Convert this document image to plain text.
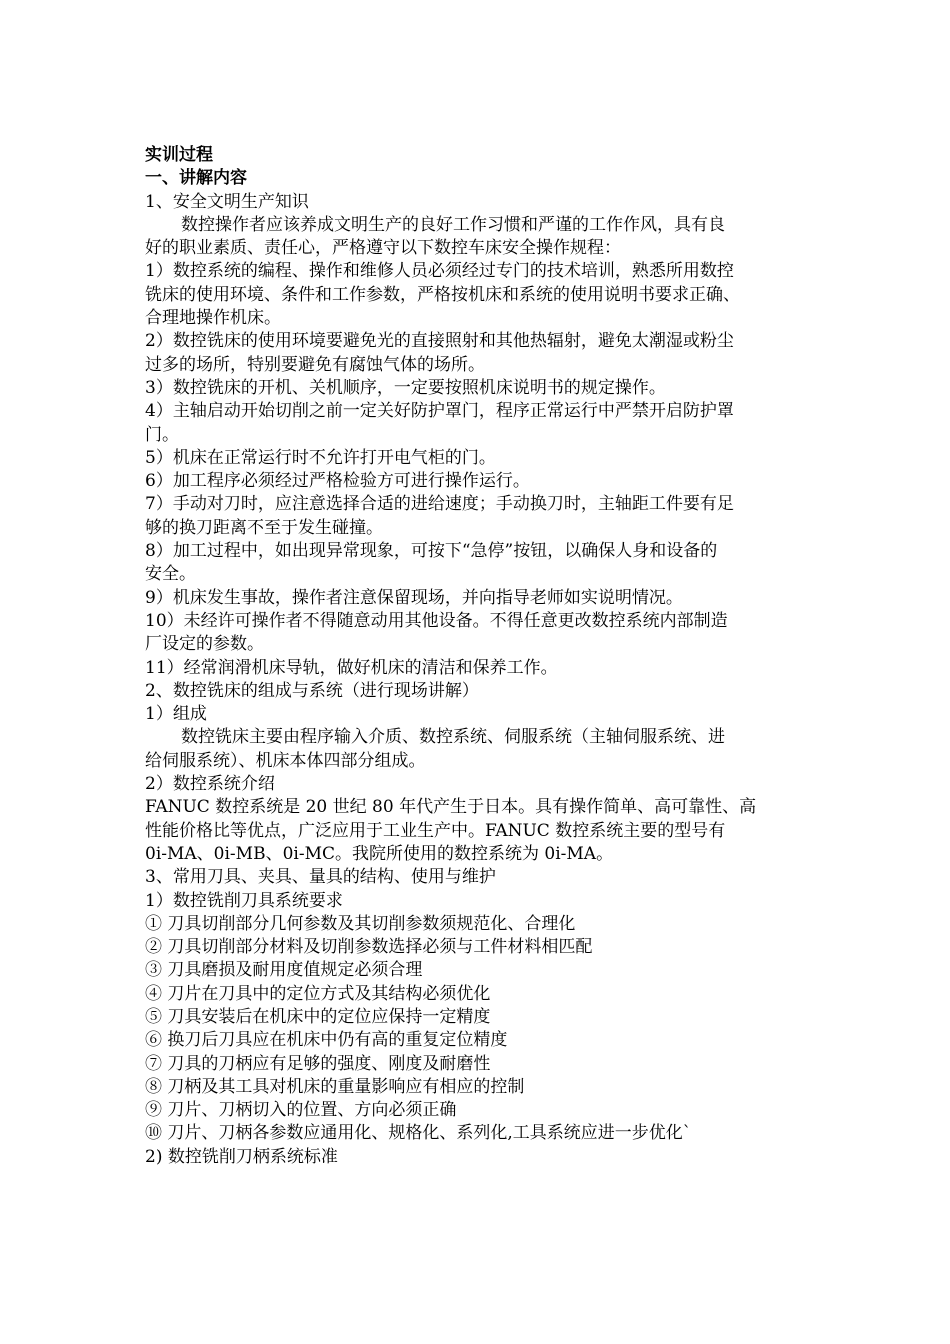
实训过程
一、讲解内容
1、安全文明生产知识
数控操作者应该养成文明生产的良好工作习惯和严谨的工作作风，具有良
好的职业素质、责任心，严格遵守以下数控车床安全操作规程：
1）数控系统的编程、操作和维修人员必须经过专门的技术培训，熟悉所用数控
铣床的使用环境、条件和工作参数，严格按机床和系统的使用说明书要求正确、
合理地操作机床。
2）数控铣床的使用环境要避免光的直接照射和其他热辐射，避免太潮湿或粉尘
过多的场所，特别要避免有腐蚀气体的场所。
3）数控铣床的开机、关机顺序，一定要按照机床说明书的规定操作。
4）主轴启动开始切削之前一定关好防护罩门，程序正常运行中严禁开启防护罩
门。
5）机床在正常运行时不允许打开电气柜的门。
6）加工程序必须经过严格检验方可进行操作运行。
7）手动对刀时，应注意选择合适的进给速度；手动换刀时，主轴距工件要有足
够的换刀距离不至于发生碰撞。
8）加工过程中，如出现异常现象，可按下“急停”按钮，以确保人身和设备的
安全。
9）机床发生事故，操作者注意保留现场，并向指导老师如实说明情况。
10）未经许可操作者不得随意动用其他设备。不得任意更改数控系统内部制造
厂设定的参数。
11）经常润滑机床导轨，做好机床的清洁和保养工作。
2、数控铣床的组成与系统（进行现场讲解）
1）组成
数控铣床主要由程序输入介质、数控系统、伺服系统（主轴伺服系统、进
给伺服系统）、机床本体四部分组成。
2）数控系统介绍
FANUC 数控系统是 20 世纪 80 年代产生于日本。具有操作简单、高可靠性、高
性能价格比等优点，广泛应用于工业生产中。FANUC 数控系统主要的型号有
0i-MA、0i-MB、0i-MC。我院所使用的数控系统为 0i-MA。
3、常用刀具、夹具、量具的结构、使用与维护
1）数控铣削刀具系统要求
① 刀具切削部分几何参数及其切削参数须规范化、合理化
② 刀具切削部分材料及切削参数选择必须与工件材料相匹配
③ 刀具磨损及耐用度值规定必须合理
④ 刀片在刀具中的定位方式及其结构必须优化
⑤ 刀具安装后在机床中的定位应保持一定精度
⑥ 换刀后刀具应在机床中仍有高的重复定位精度
⑦ 刀具的刀柄应有足够的强度、刚度及耐磨性
⑧ 刀柄及其工具对机床的重量影响应有相应的控制
⑨ 刀片、刀柄切入的位置、方向必须正确
⑩ 刀片、刀柄各参数应通用化、规格化、系列化,工具系统应进一步优化`
2) 数控铣削刀柄系统标准
